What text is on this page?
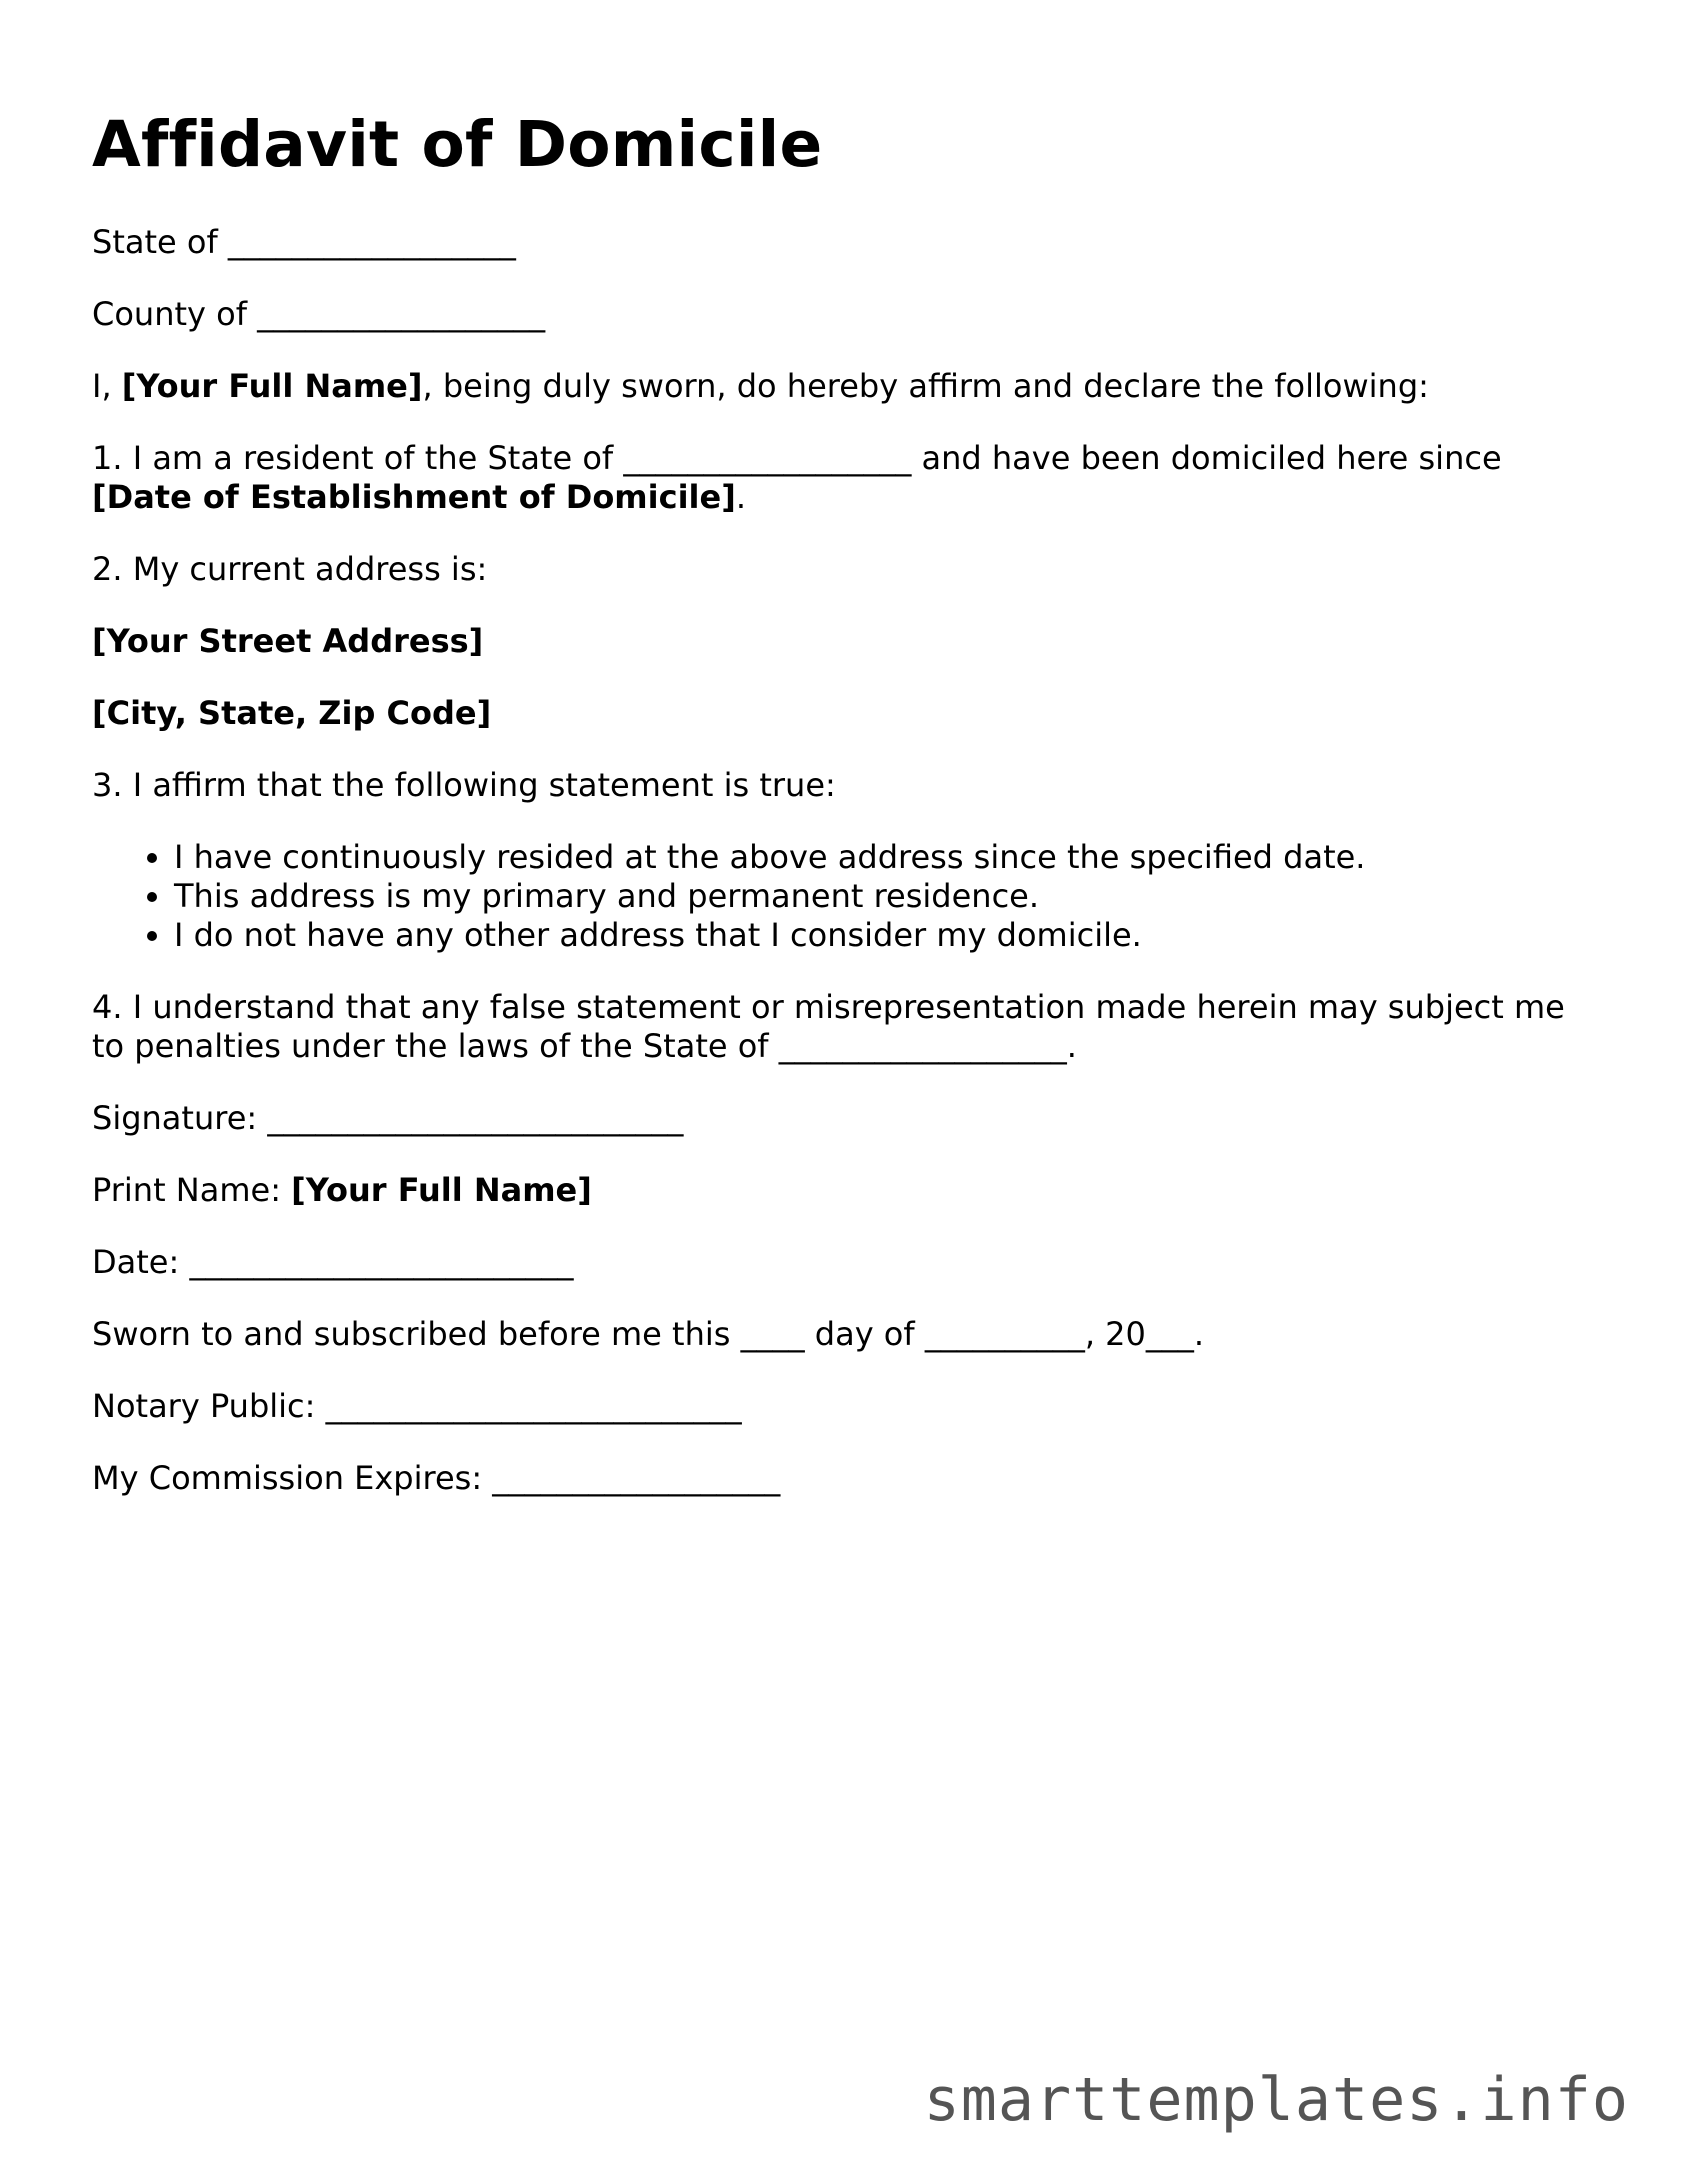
Affidavit of Domicile

State of __________________

County of __________________

I, [Your Full Name], being duly sworn, do hereby affirm and declare the following:

1. I am a resident of the State of __________________ and have been domiciled here since [Date of Establishment of Domicile].

2. My current address is:

[Your Street Address]

[City, State, Zip Code]

3. I affirm that the following statement is true:

• I have continuously resided at the above address since the specified date.
• This address is my primary and permanent residence.
• I do not have any other address that I consider my domicile.

4. I understand that any false statement or misrepresentation made herein may subject me to penalties under the laws of the State of __________________.

Signature: __________________________

Print Name: [Your Full Name]

Date: ________________________

Sworn to and subscribed before me this ____ day of __________, 20___.

Notary Public: __________________________

My Commission Expires: __________________

smarttemplates.info
